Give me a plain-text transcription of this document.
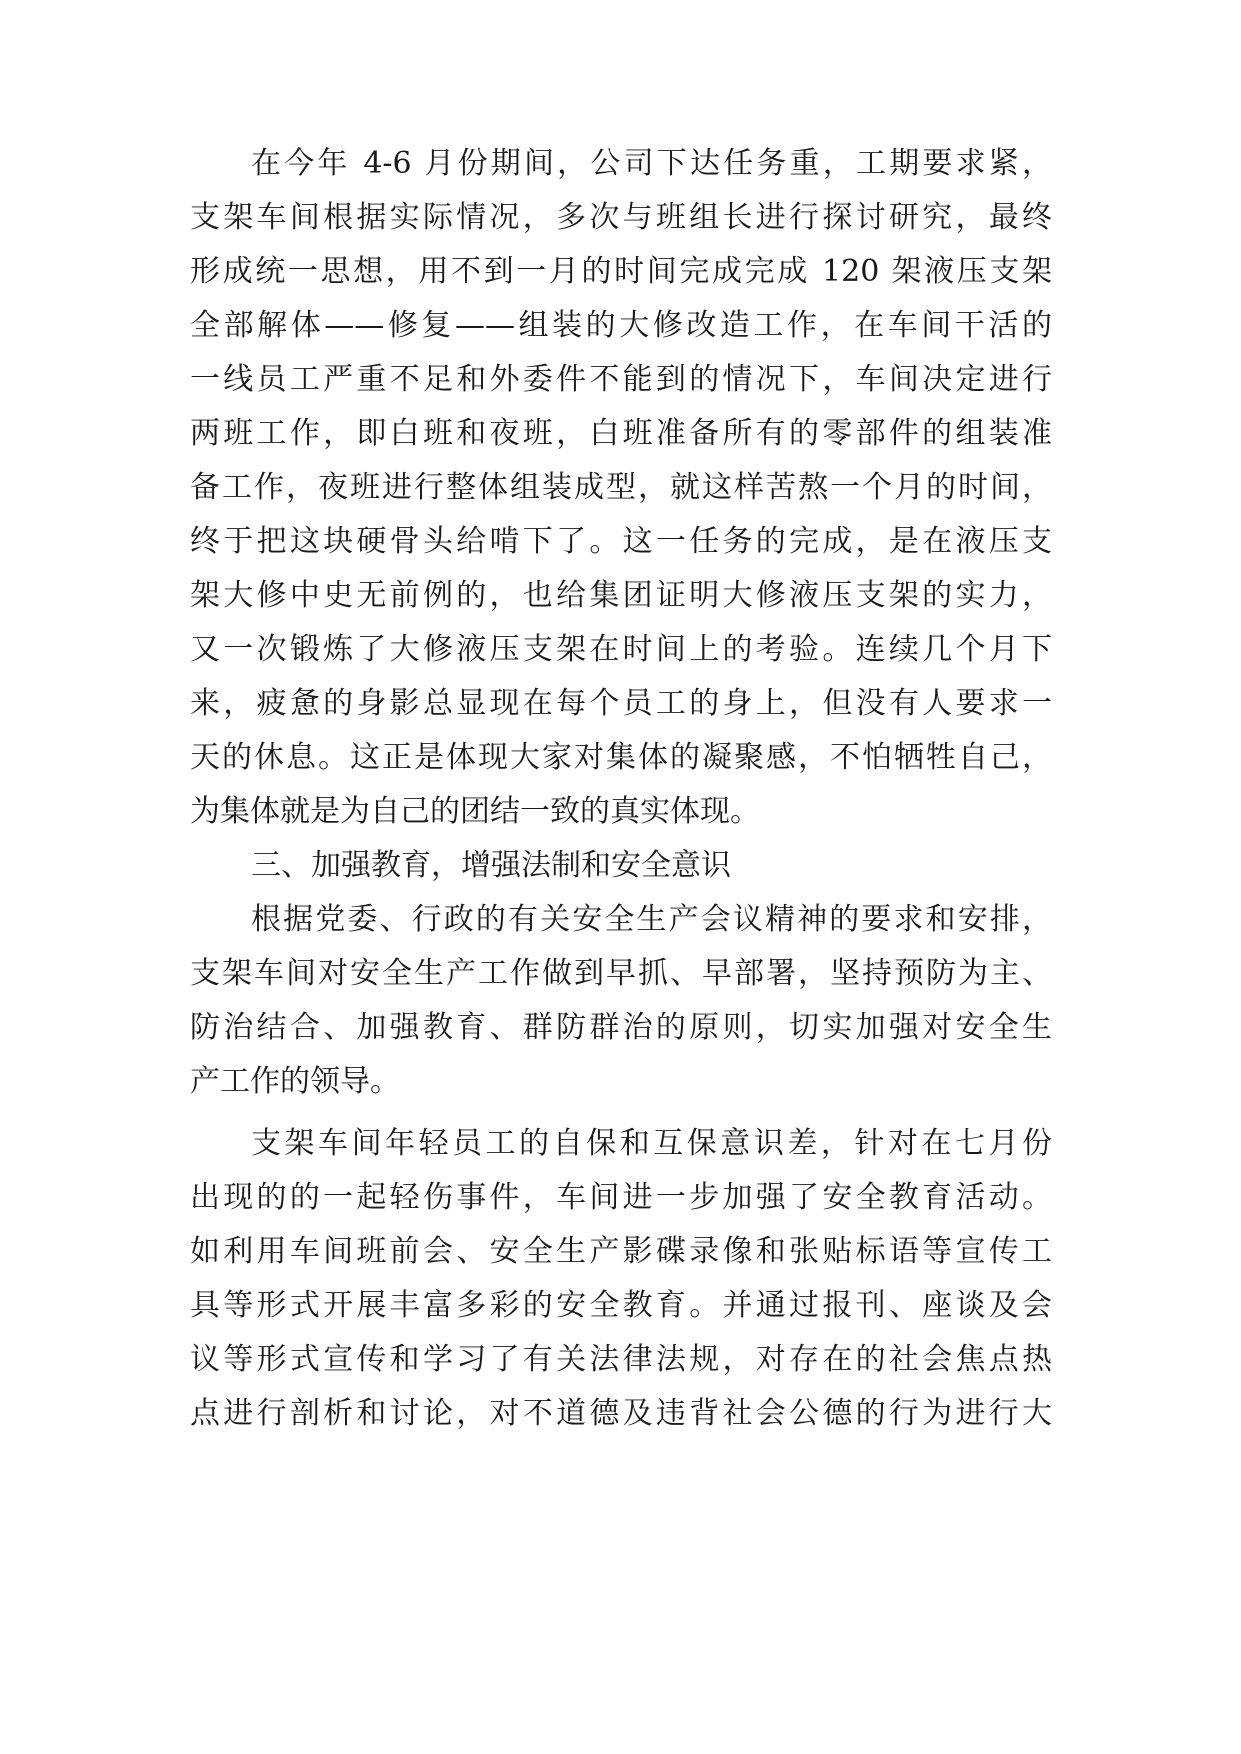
在今年 4-6 月份期间，公司下达任务重，工期要求紧，
支架车间根据实际情况，多次与班组长进行探讨研究，最终
形成统一思想，用不到一月的时间完成完成 120 架液压支架
全部解体——修复——组装的大修改造工作，在车间干活的
一线员工严重不足和外委件不能到的情况下，车间决定进行
两班工作，即白班和夜班，白班准备所有的零部件的组装准
备工作，夜班进行整体组装成型，就这样苦熬一个月的时间，
终于把这块硬骨头给啃下了。这一任务的完成，是在液压支
架大修中史无前例的，也给集团证明大修液压支架的实力，
又一次锻炼了大修液压支架在时间上的考验。连续几个月下
来，疲惫的身影总显现在每个员工的身上，但没有人要求一
天的休息。这正是体现大家对集体的凝聚感，不怕牺牲自己，
为集体就是为自己的团结一致的真实体现。
三、加强教育，增强法制和安全意识
根据党委、行政的有关安全生产会议精神的要求和安排，
支架车间对安全生产工作做到早抓、早部署，坚持预防为主、
防治结合、加强教育、群防群治的原则，切实加强对安全生
产工作的领导。
支架车间年轻员工的自保和互保意识差，针对在七月份
出现的的一起轻伤事件，车间进一步加强了安全教育活动。
如利用车间班前会、安全生产影碟录像和张贴标语等宣传工
具等形式开展丰富多彩的安全教育。并通过报刊、座谈及会
议等形式宣传和学习了有关法律法规，对存在的社会焦点热
点进行剖析和讨论，对不道德及违背社会公德的行为进行大
